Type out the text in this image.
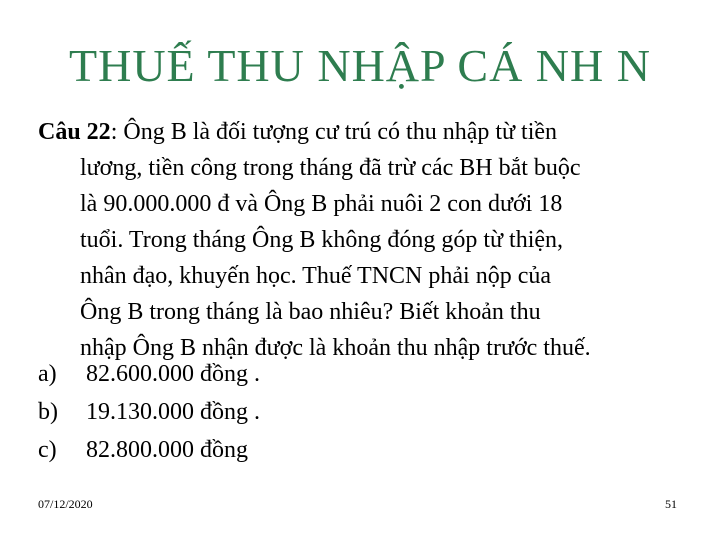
THUẾ THU NHẬP CÁ NH N

Câu 22: Ông B là đối tượng cư trú có thu nhập từ tiền

lương, tiền công trong tháng đã trừ các BH bắt buộc

là 90.000.000 đ và Ông B phải nuôi 2 con dưới 18

tuổi. Trong tháng Ông B không đóng góp từ thiện,

nhân đạo, khuyến học. Thuế TNCN phải nộp của

Ông B trong tháng là bao nhiêu? Biết khoản thu

nhập Ông B nhận được là khoản thu nhập trước thuế.

a)	82.600.000 đồng .
b)	19.130.000 đồng .
c)	82.800.000 đồng
07/12/2020	51
